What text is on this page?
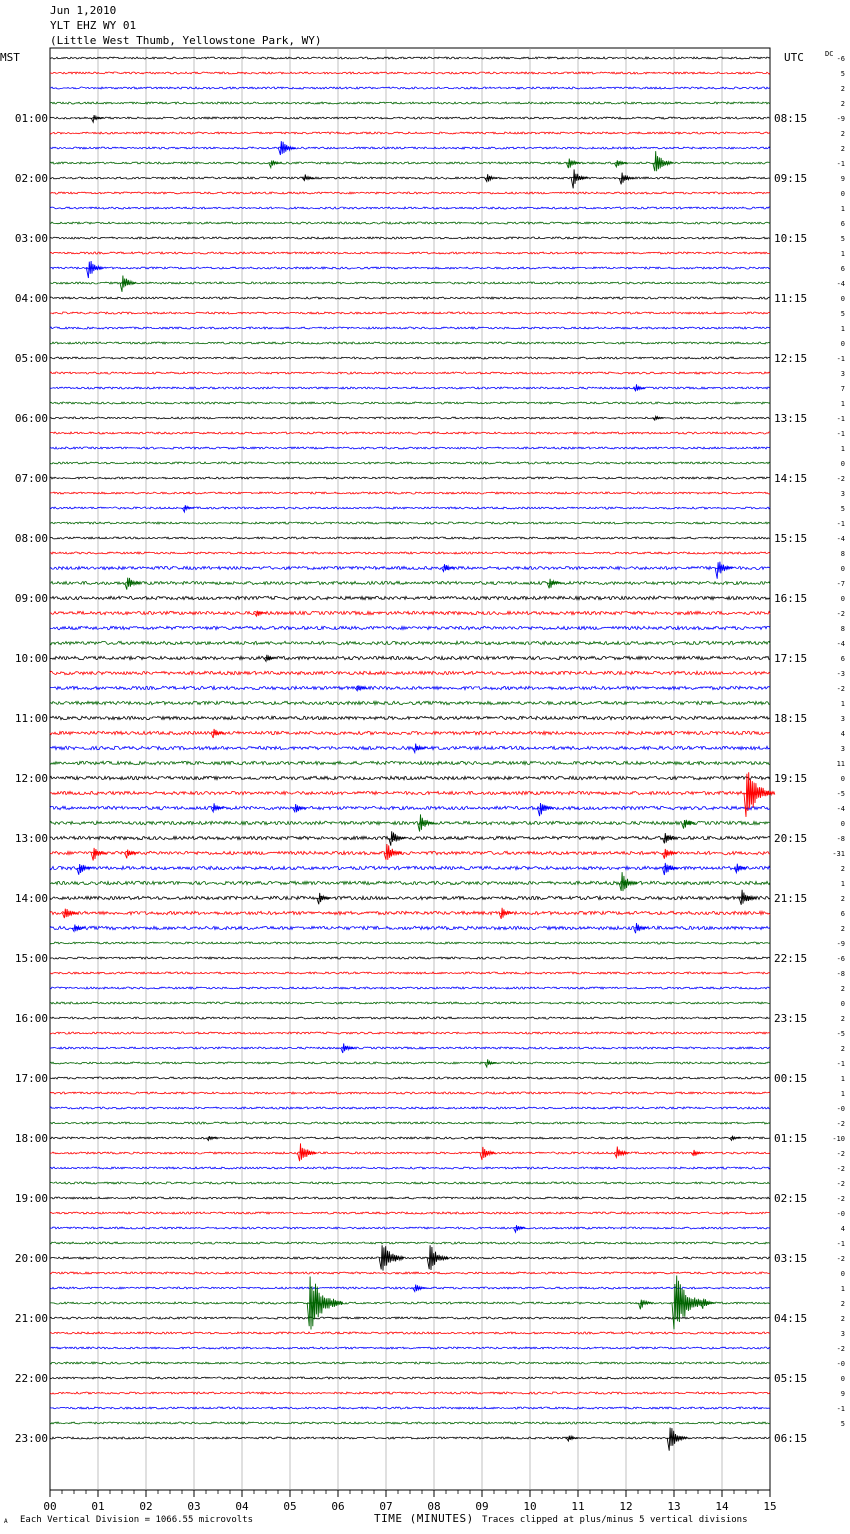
Jun 1,2010
YLT EHZ WY 01
(Little West Thumb, Yellowstone Park, WY)
00	01	02	03	04	05	06	07	08	09	10	11	12	13	14	15
MST	UTC	DC
01:00
02:00
03:00
04:00
05:00
06:00
07:00
08:00
09:00
10:00
11:00
12:00
13:00
14:00
15:00
16:00
17:00
18:00
19:00
20:00
21:00
22:00
23:00
08:15
09:15
10:15
11:15
12:15
13:15
14:15
15:15
16:15
17:15
18:15
19:15
20:15
21:15
22:15
23:15
00:15
01:15
02:15
03:15
04:15
05:15
06:15
-6
5
2
2
-9
2
2
-1
9
0
1
6
5
1
6
-4
0
5
1
0
-1
3
7
1
-1
-1
1
0
-2
3
5
-1
-4
8
0
-7
0
-2
8
-4
6
-3
-2
1
3
4
3
11
0
-5
-4
0
-8
-31
2
1
2
6
2
-9
-6
-8
2
0
2
-5
2
-1
1
1
-0
-2
-10
-2
-2
-2
-2
-0
4
-1
-2
0
1
2
2
3
-2
-0
0
9
-1
5
A Each Vertical Division = 1066.55 microvolts	TIME (MINUTES) Traces clipped at plus/minus 5 vertical divisions
